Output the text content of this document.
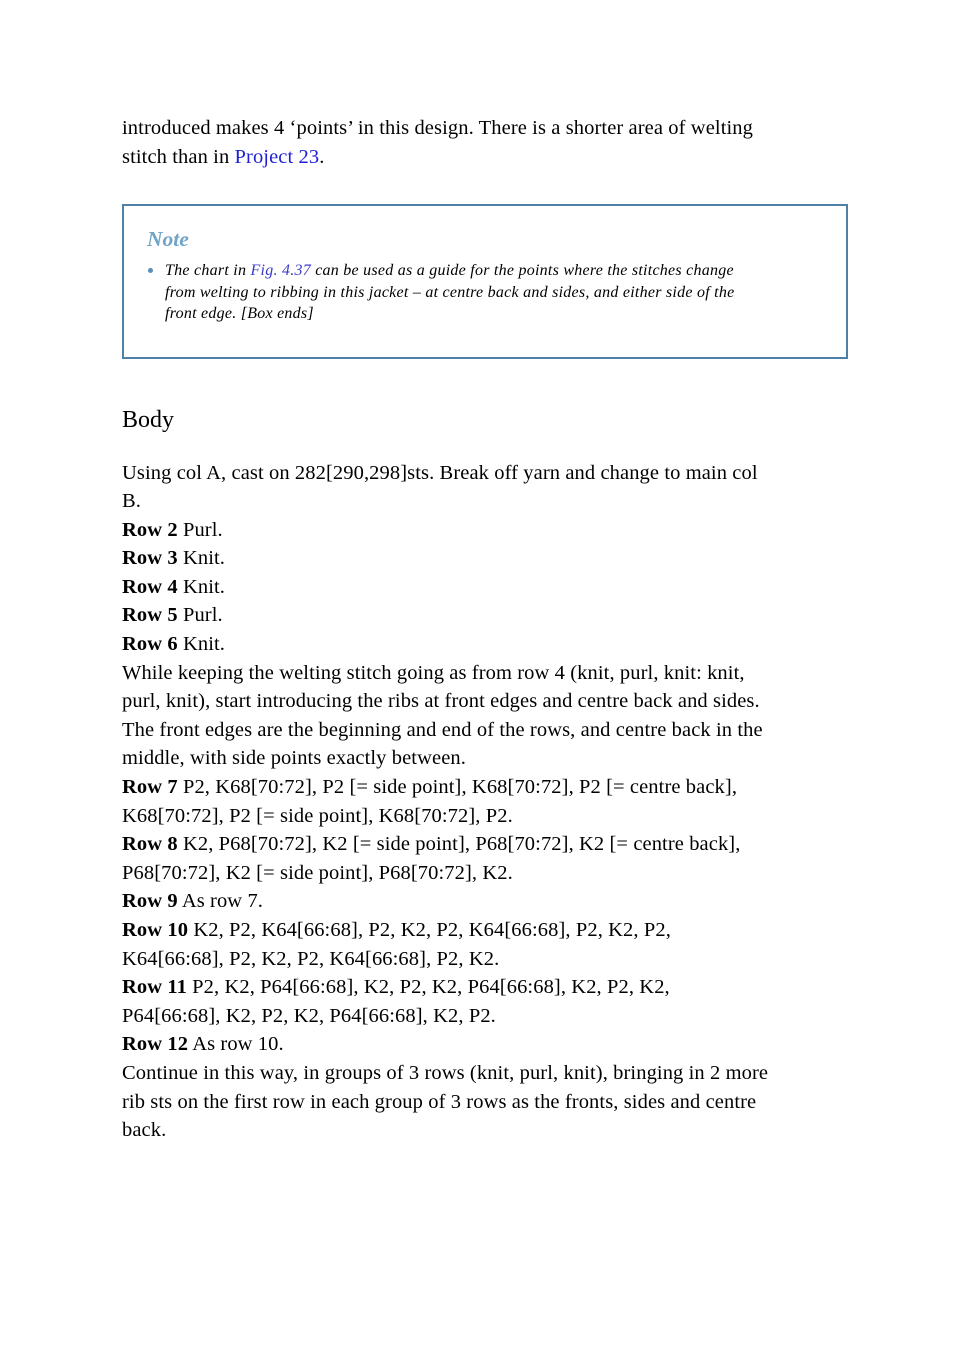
introduced makes 4 ‘points’ in this design. There is a shorter area of welting
stitch than in Project 23.
Note
The chart in Fig. 4.37 can be used as a guide for the points where the stitches change
from welting to ribbing in this jacket – at centre back and sides, and either side of the
front edge. [Box ends]
Body
Using col A, cast on 282[290,298]sts. Break off yarn and change to main col
B.
Row 2 Purl.
Row 3 Knit.
Row 4 Knit.
Row 5 Purl.
Row 6 Knit.
While keeping the welting stitch going as from row 4 (knit, purl, knit: knit,
purl, knit), start introducing the ribs at front edges and centre back and sides.
The front edges are the beginning and end of the rows, and centre back in the
middle, with side points exactly between.
Row 7 P2, K68[70:72], P2 [= side point], K68[70:72], P2 [= centre back],
K68[70:72], P2 [= side point], K68[70:72], P2.
Row 8 K2, P68[70:72], K2 [= side point], P68[70:72], K2 [= centre back],
P68[70:72], K2 [= side point], P68[70:72], K2.
Row 9 As row 7.
Row 10 K2, P2, K64[66:68], P2, K2, P2, K64[66:68], P2, K2, P2,
K64[66:68], P2, K2, P2, K64[66:68], P2, K2.
Row 11 P2, K2, P64[66:68], K2, P2, K2, P64[66:68], K2, P2, K2,
P64[66:68], K2, P2, K2, P64[66:68], K2, P2.
Row 12 As row 10.
Continue in this way, in groups of 3 rows (knit, purl, knit), bringing in 2 more
rib sts on the first row in each group of 3 rows as the fronts, sides and centre
back.
